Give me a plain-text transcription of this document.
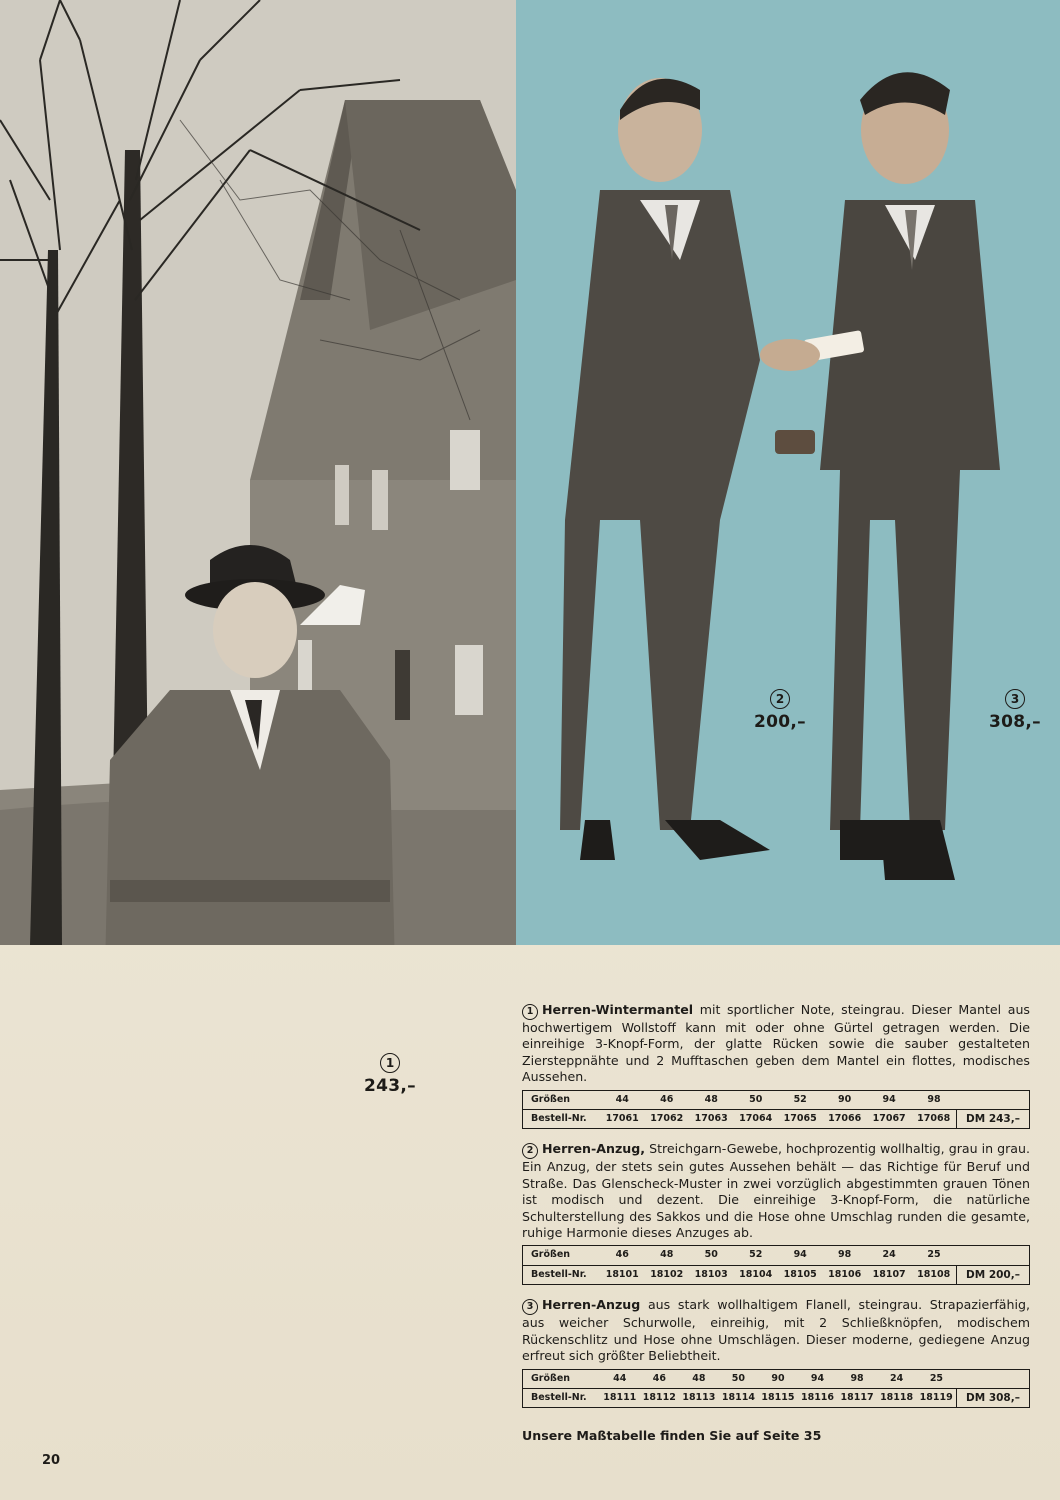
2
200,–
3
308,–
1
243,–

1 Herren-Wintermantel mit sportlicher Note, steingrau. Dieser Mantel aus hochwertigem Wollstoff kann mit oder ohne Gürtel getragen werden. Die einreihige 3-Knopf-Form, der glatte Rücken sowie die sauber gestalteten Ziersteppnähte und 2 Mufftaschen geben dem Mantel ein flottes, modisches Aussehen.

Größen	44	46	48	50	52	90	94	98	
Bestell-Nr.	17061	17062	17063	17064	17065	17066	17067	17068	DM 243,–

2 Herren-Anzug, Streichgarn-Gewebe, hochprozentig wollhaltig, grau in grau. Ein Anzug, der stets sein gutes Aussehen behält — das Richtige für Beruf und Straße. Das Glenscheck-Muster in zwei vorzüglich abgestimmten grauen Tönen ist modisch und dezent. Die einreihige 3-Knopf-Form, die natürliche Schulterstellung des Sakkos und die Hose ohne Umschlag runden die gesamte, ruhige Harmonie dieses Anzuges ab.

Größen	46	48	50	52	94	98	24	25	
Bestell-Nr.	18101	18102	18103	18104	18105	18106	18107	18108	DM 200,–

3 Herren-Anzug aus stark wollhaltigem Flanell, steingrau. Strapazierfähig, aus weicher Schurwolle, einreihig, mit 2 Schließknöpfen, modischem Rückenschlitz und Hose ohne Umschlägen. Dieser moderne, gediegene Anzug erfreut sich größter Beliebtheit.

Größen	44	46	48	50	90	94	98	24	25	
Bestell-Nr.	18111	18112	18113	18114	18115	18116	18117	18118	18119	DM 308,–
Unsere Maßtabelle finden Sie auf Seite 35
20
